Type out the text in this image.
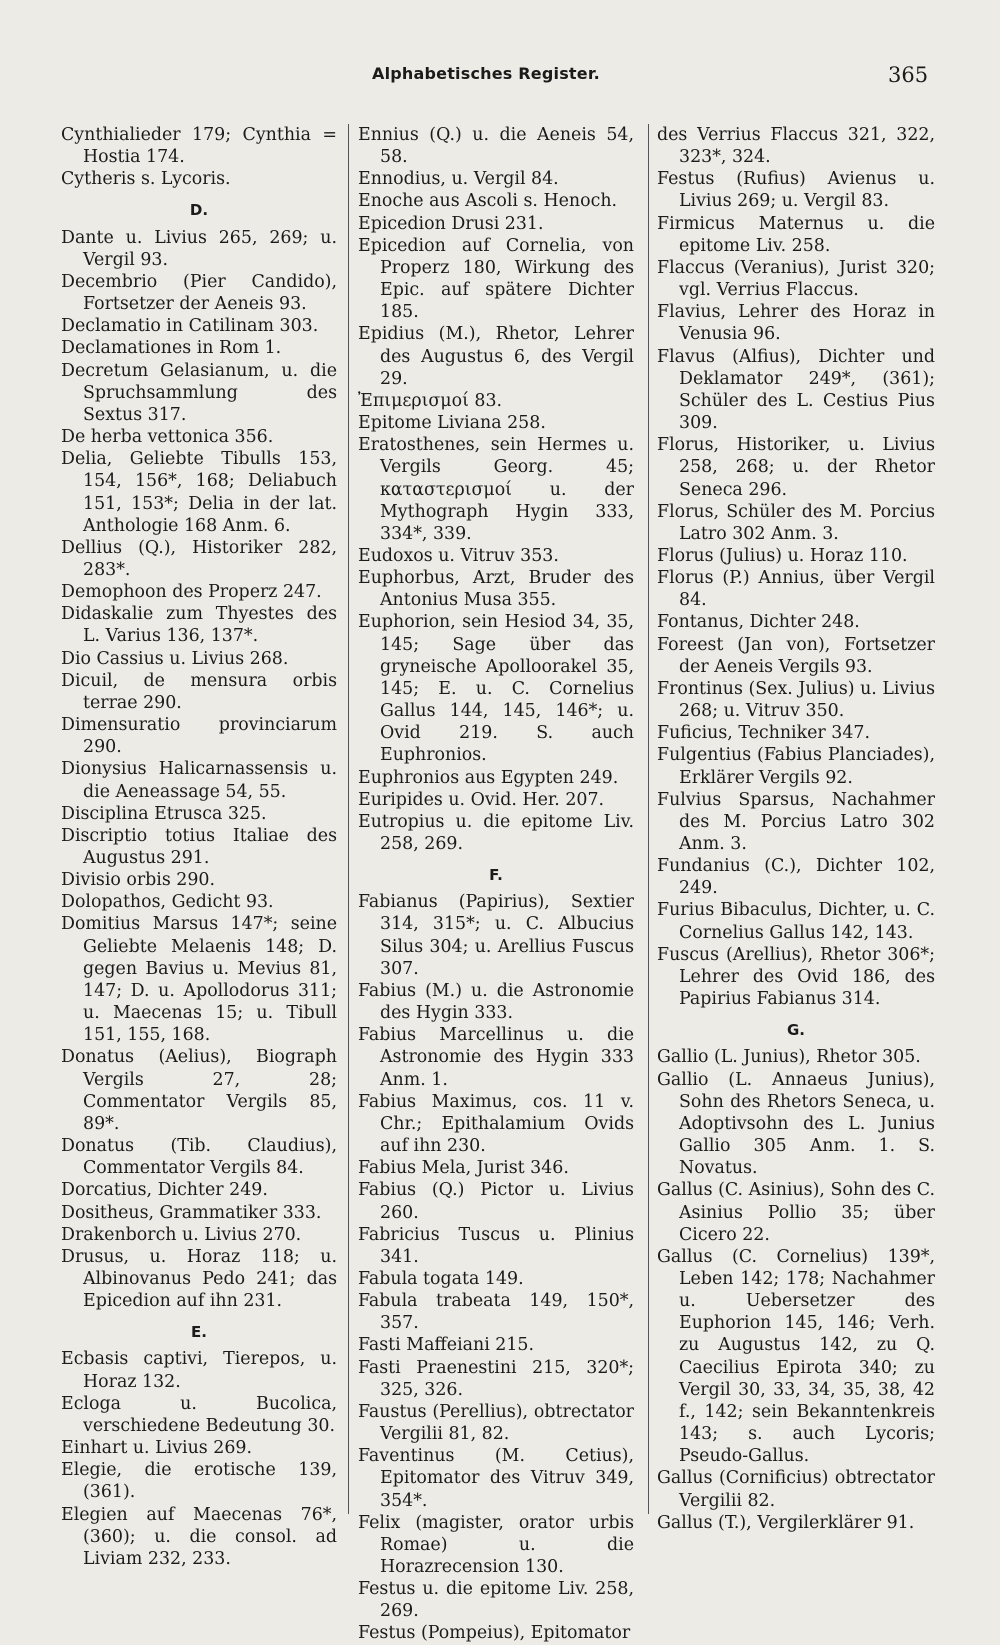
Alphabetisches Register.	365

Cynthialieder 179; Cynthia = Hostia 174.

Cytheris s. Lycoris.

D.

Dante u. Livius 265, 269; u. Vergil 93.

Decembrio (Pier Candido), Fortsetzer der Aeneis 93.

Declamatio in Catilinam 303.

Declamationes in Rom 1.

Decretum Gelasianum, u. die Spruchsammlung des Sextus 317.

De herba vettonica 356.

Delia, Geliebte Tibulls 153, 154, 156*, 168; Deliabuch 151, 153*; Delia in der lat. Anthologie 168 Anm. 6.

Dellius (Q.), Historiker 282, 283*.

Demophoon des Properz 247.

Didaskalie zum Thyestes des L. Varius 136, 137*.

Dio Cassius u. Livius 268.

Dicuil, de mensura orbis terrae 290.

Dimensuratio provinciarum 290.

Dionysius Halicarnassensis u. die Aeneassage 54, 55.

Disciplina Etrusca 325.

Discriptio totius Italiae des Augustus 291.

Divisio orbis 290.

Dolopathos, Gedicht 93.

Domitius Marsus 147*; seine Geliebte Melaenis 148; D. gegen Bavius u. Mevius 81, 147; D. u. Apollodorus 311; u. Maecenas 15; u. Tibull 151, 155, 168.

Donatus (Aelius), Biograph Vergils 27, 28; Commentator Vergils 85, 89*.

Donatus (Tib. Claudius), Commentator Vergils 84.

Dorcatius, Dichter 249.

Dositheus, Grammatiker 333.

Drakenborch u. Livius 270.

Drusus, u. Horaz 118; u. Albinovanus Pedo 241; das Epicedion auf ihn 231.

E.

Ecbasis captivi, Tierepos, u. Horaz 132.

Ecloga u. Bucolica, verschiedene Bedeutung 30.

Einhart u. Livius 269.

Elegie, die erotische 139, (361).

Elegien auf Maecenas 76*, (360); u. die consol. ad Liviam 232, 233.

Ennius (Q.) u. die Aeneis 54, 58.

Ennodius, u. Vergil 84.

Enoche aus Ascoli s. Henoch.

Epicedion Drusi 231.

Epicedion auf Cornelia, von Properz 180, Wirkung des Epic. auf spätere Dichter 185.

Epidius (M.), Rhetor, Lehrer des Augustus 6, des Vergil 29.

Ἐπιμερισμοί 83.

Epitome Liviana 258.

Eratosthenes, sein Hermes u. Vergils Georg. 45; καταστερισμοί u. der Mythograph Hygin 333, 334*, 339.

Eudoxos u. Vitruv 353.

Euphorbus, Arzt, Bruder des Antonius Musa 355.

Euphorion, sein Hesiod 34, 35, 145; Sage über das gryneische Apolloorakel 35, 145; E. u. C. Cornelius Gallus 144, 145, 146*; u. Ovid 219. S. auch Euphronios.

Euphronios aus Egypten 249.

Euripides u. Ovid. Her. 207.

Eutropius u. die epitome Liv. 258, 269.

F.

Fabianus (Papirius), Sextier 314, 315*; u. C. Albucius Silus 304; u. Arellius Fuscus 307.

Fabius (M.) u. die Astronomie des Hygin 333.

Fabius Marcellinus u. die Astronomie des Hygin 333 Anm. 1.

Fabius Maximus, cos. 11 v. Chr.; Epithalamium Ovids auf ihn 230.

Fabius Mela, Jurist 346.

Fabius (Q.) Pictor u. Livius 260.

Fabricius Tuscus u. Plinius 341.

Fabula togata 149.

Fabula trabeata 149, 150*, 357.

Fasti Maffeiani 215.

Fasti Praenestini 215, 320*; 325, 326.

Faustus (Perellius), obtrectator Vergilii 81, 82.

Faventinus (M. Cetius), Epitomator des Vitruv 349, 354*.

Felix (magister, orator urbis Romae) u. die Horazrecension 130.

Festus u. die epitome Liv. 258, 269.

Festus (Pompeius), Epitomator

des Verrius Flaccus 321, 322, 323*, 324.

Festus (Rufius) Avienus u. Livius 269; u. Vergil 83.

Firmicus Maternus u. die epitome Liv. 258.

Flaccus (Veranius), Jurist 320; vgl. Verrius Flaccus.

Flavius, Lehrer des Horaz in Venusia 96.

Flavus (Alfius), Dichter und Deklamator 249*, (361); Schüler des L. Cestius Pius 309.

Florus, Historiker, u. Livius 258, 268; u. der Rhetor Seneca 296.

Florus, Schüler des M. Porcius Latro 302 Anm. 3.

Florus (Julius) u. Horaz 110.

Florus (P.) Annius, über Vergil 84.

Fontanus, Dichter 248.

Foreest (Jan von), Fortsetzer der Aeneis Vergils 93.

Frontinus (Sex. Julius) u. Livius 268; u. Vitruv 350.

Fuficius, Techniker 347.

Fulgentius (Fabius Planciades), Erklärer Vergils 92.

Fulvius Sparsus, Nachahmer des M. Porcius Latro 302 Anm. 3.

Fundanius (C.), Dichter 102, 249.

Furius Bibaculus, Dichter, u. C. Cornelius Gallus 142, 143.

Fuscus (Arellius), Rhetor 306*; Lehrer des Ovid 186, des Papirius Fabianus 314.

G.

Gallio (L. Junius), Rhetor 305.

Gallio (L. Annaeus Junius), Sohn des Rhetors Seneca, u. Adoptivsohn des L. Junius Gallio 305 Anm. 1. S. Novatus.

Gallus (C. Asinius), Sohn des C. Asinius Pollio 35; über Cicero 22.

Gallus (C. Cornelius) 139*, Leben 142; 178; Nachahmer u. Uebersetzer des Euphorion 145, 146; Verh. zu Augustus 142, zu Q. Caecilius Epirota 340; zu Vergil 30, 33, 34, 35, 38, 42 f., 142; sein Bekanntenkreis 143; s. auch Lycoris; Pseudo-Gallus.

Gallus (Cornificius) obtrectator Vergilii 82.

Gallus (T.), Vergilerklärer 91.
